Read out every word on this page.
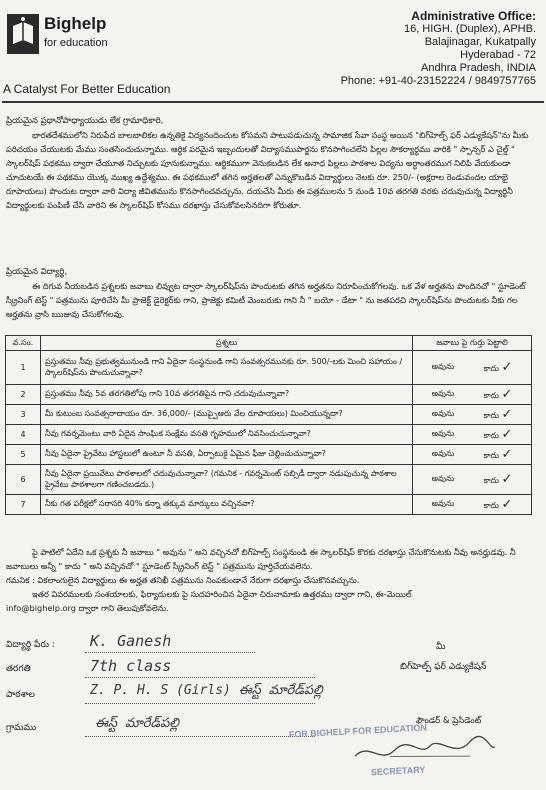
Bighelp
for education
A Catalyst For Better Education
Administrative Office:
16, HIGH. (Duplex), APHB.
Balajinagar, Kukatpally
Hyderabad - 72
Andhra Pradesh, INDIA
Phone: +91-40-23152224 / 9849757765
ప్రియమైన ప్రధానోపాధ్యాయుడు లేక గ్రామాధికారి,

భారతదేశములోని నిరుపేద బాలబాలికల ఉన్నతికై విద్యనందించుట కోసమని పాటుపడుచున్న సామాజిక సేవా సంస్థ అయిన "బిగ్‌హెల్ప్ ఫర్ ఎడ్యుకేషన్"ను మీకు పరిచయం చేయుటకు మేము సంతసించుచున్నాము. ఆర్థిక పరమైన ఇబ్బందులతో విద్యాసముపార్జను కొనసాగించలేని పిల్లల సౌకర్యార్థము వారికి " స్పాన్సర్ ఎ చైల్డ్ " స్కాలర్‌షిప్ పథకము ద్వారా చేయూత నిచ్చుటకు పూనుకున్నాము. ఆర్థికముగా వెనుకబడిన లేక అనాధ పిల్లలు పాఠశాల విద్యను అర్ధాంతరముగ నిలిపి వేయకుండా చూచుటయే ఈ పథకము యొక్క ముఖ్య ఉద్దేశ్యము. ఈ పథకములో తగిన అర్హతలతో ఎన్నుకొబడిన విద్యార్థులు నెలకు రూ. 250/- (అక్షరాల రెండువందల యాభై రూపాయలు) పొందుట ద్వారా వారి విద్యా జీవితమును కొనసాగించవచ్చును. దయచేసి మీరు ఈ పత్రములను 5 నుండి 10వ తరగతి వరకు చదువుచున్న విద్యార్థినీ విద్యార్థులకు పంపిణీ చేసి వారిని ఈ స్కాలర్‌షిప్ కోసము దరఖాస్తు చేసుకోవలసినదిగా కోరుతూ.

ప్రియమైన విద్యార్థి,

ఈ దిగువ నీయబడిన ప్రశ్నలకు జవాబు లివ్వుట ద్వారా స్కాలర్‌షిప్‌ను పొందుటకు తగిన అర్హతను నిరూపించుకోగలవు. ఒక వేళ అర్హతను పొందినచో " స్టూడెంట్ స్క్రీనింగ్ టెస్ట్ " పత్రమును పూరిచేసి మీ ప్రాజెక్ట్ డైరెక్టర్‌కు గాని, ప్రాజెక్టు కమిటీ మెంబరుకు గాని నీ " బయో - డేటా " ను జతపరచి స్కాలర్‌షిప్‌ను పొందుటకు నీకు గల అర్హతను వ్రాసి ఋజువు చేసుకోగలవు.

వ.సం.	ప్రశ్నలు	జవాబు పై గుర్తు పెట్టాలి
1	ప్రస్తుతము నీవు ప్రభుత్వమునుండి గాని ఏదైనా సంస్థనుండి గాని సంవత్సరమునకు రూ. 500/-లకు మించి సహాయం / స్కాలర్‌షిప్‌ను పొందుచున్నావా?	అవును కాదు ✓

2	ప్రస్తుతము నీవు 5వ తరగతిలోపు గాని 10వ తరగతిపైన గాని చదువుచున్నావా?	అవును కాదు ✓

3	మీ కుటుంబ సంవత్సరాదాయం రూ. 36,000/- (ముప్పైఆరు వేల రూపాయలు) మించియున్నదా?	అవును కాదు ✓

4	నీవు గవర్నమెంటు వారి ఏదైన సాంఘిక సంక్షేమ వసతి గృహములో నివసించుచున్నావా?	అవును కాదు ✓

5	నీవు ఏదైనా ప్రైవేటు హాస్టలులో ఉంటూ నీ వసతి, ఏర్పాటుకై ఏమైన ఫీజు చెల్లించుచున్నావా?	అవును కాదు ✓

6	నీవు ఏదైనా ప్రయివేటు పాఠశాలలో చదువుచున్నావా? (గమనిక - గవర్నమెంట్ సబ్సిడీ ద్వారా నడుపుచున్న పాఠశాల ప్రైవేటు పాఠశాలగా గణించబడదు.)	అవును కాదు ✓

7	నీకు గత పరీక్షలో సరాసరి 40% కన్నా తక్కువ మార్కులు వచ్చినవా?	అవును కాదు ✓

పై పాటిలో ఏదేని ఒక ప్రశ్నకు నీ జవాబు " అవును " అని వచ్చినచో బిగ్‌హెల్ప్ సంస్థనుండి ఈ స్కాలర్‌షిప్ కొరకు దరఖాస్తు చేసుకొనుటకు నీవు అనర్హుడవు. నీ జవాబులు అన్నీ " కాదు " అని వచ్చినచో " స్టూడెంట్ స్క్రీనింగ్ టెస్ట్ " పత్రమును పూర్తిచేయవలెను.

గమనిక : వికలాంగులైన విద్యార్థులు ఈ అర్హత తనిఖీ పత్రమును నింపకుండానే నేరుగా దరఖాస్తు చేసుకొనవచ్చును.

ఇతర వివరములకు సంశయాలకు, ఫిర్యాదులకు పై సుదహరించిన ఏదైనా చిరునామాకు ఉత్తరము ద్వారా గాని, ఈ-మెయిల్

info@bighelp.org ద్వారా గాని తెలుపుకోవలెను.
విద్యార్థి పేరు : K. Ganesh
తరగతి	7th class
పాఠశాల	Z. P. H. S (Girls) ఈస్ట్ మారేడ్‌పల్లి
గ్రామము	ఈస్ట్ మారేడ్‌పల్లి
మీ
బిగ్‌హెల్ప్ ఫర్ ఎడ్యుకేషన్
ఫౌండర్ & ప్రెసిడెంట్
FOR BIGHELP FOR EDUCATION
SECRETARY
